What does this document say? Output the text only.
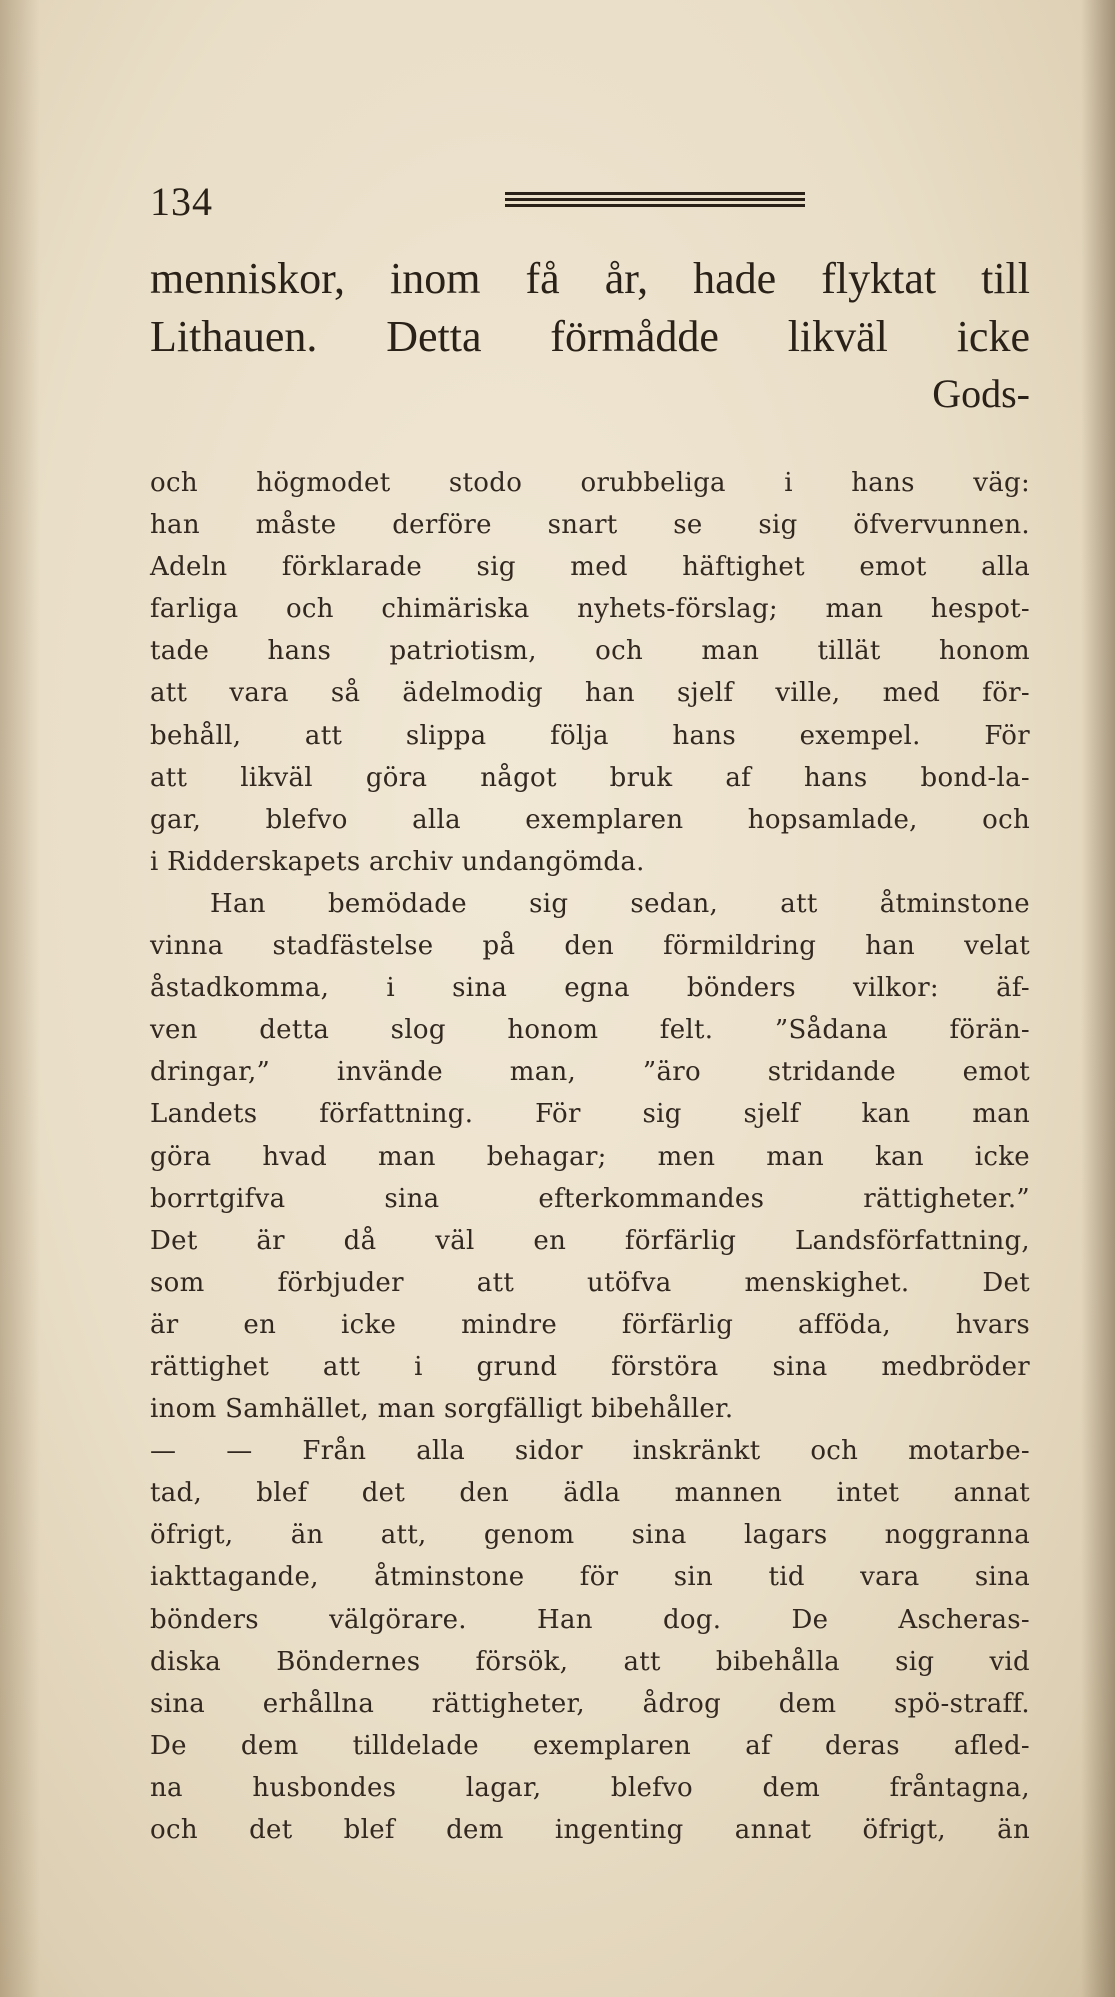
134

menniskor, inom få år, hade flyktat till

Lithauen. Detta förmådde likväl icke

Gods-

och högmodet stodo orubbeliga i hans väg:

han måste derföre snart se sig öfvervunnen.

Adeln förklarade sig med häftighet emot alla

farliga och chimäriska nyhets-förslag; man hespot-

tade hans patriotism, och man tillät honom

att vara så ädelmodig han sjelf ville, med för-

behåll, att slippa följa hans exempel. För

att likväl göra något bruk af hans bond-la-

gar, blefvo alla exemplaren hopsamlade, och

i Ridderskapets archiv undangömda.

Han bemödade sig sedan, att åtminstone

vinna stadfästelse på den förmildring han velat

åstadkomma, i sina egna bönders vilkor: äf-

ven detta slog honom felt. ”Sådana förän-

dringar,” invände man, ”äro stridande emot

Landets författning. För sig sjelf kan man

göra hvad man behagar; men man kan icke

borrtgifva sina efterkommandes rättigheter.”

Det är då väl en förfärlig Landsförfattning,

som förbjuder att utöfva menskighet. Det

är en icke mindre förfärlig afföda, hvars

rättighet att i grund förstöra sina medbröder

inom Samhället, man sorgfälligt bibehåller.

— — Från alla sidor inskränkt och motarbe-

tad, blef det den ädla mannen intet annat

öfrigt, än att, genom sina lagars noggranna

iakttagande, åtminstone för sin tid vara sina

bönders välgörare. Han dog. De Ascheras-

diska Böndernes försök, att bibehålla sig vid

sina erhållna rättigheter, ådrog dem spö-straff.

De dem tilldelade exemplaren af deras afled-

na husbondes lagar, blefvo dem fråntagna,

och det blef dem ingenting annat öfrigt, än
